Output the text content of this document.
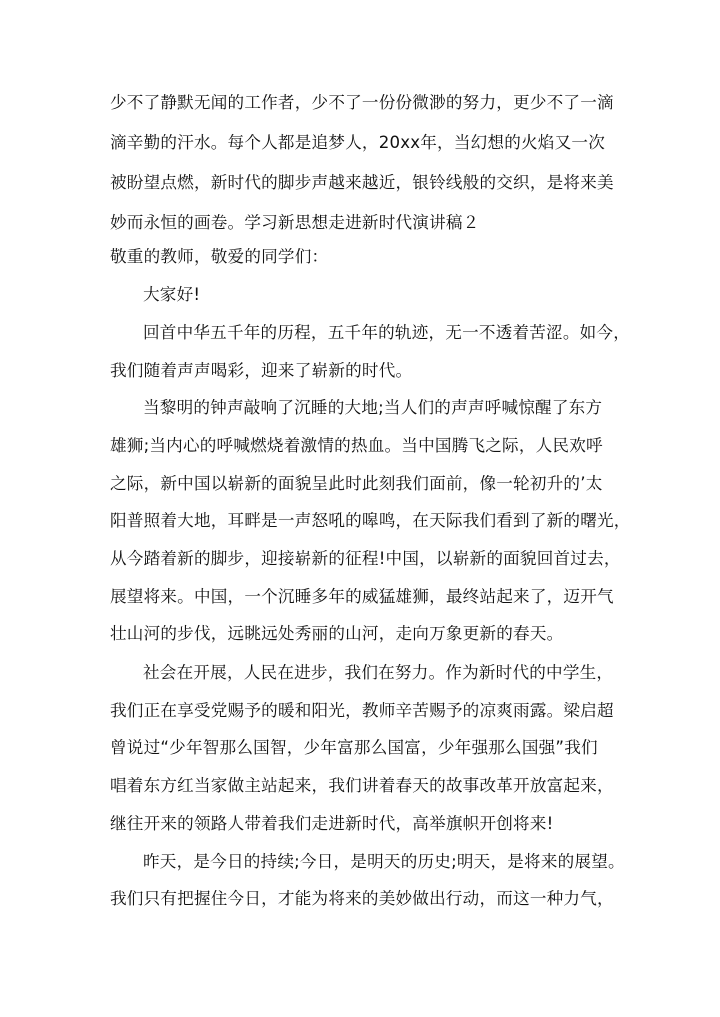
少不了静默无闻的工作者，少不了一份份微渺的努力，更少不了一滴
滴辛勤的汗水。每个人都是追梦人，20xx年，当幻想的火焰又一次
被盼望点燃，新时代的脚步声越来越近，银铃线般的交织，是将来美
妙而永恒的画卷。学习新思想走进新时代演讲稿２
敬重的教师，敬爱的同学们：
大家好!
回首中华五千年的历程，五千年的轨迹，无一不透着苦涩。如今，
我们随着声声喝彩，迎来了崭新的时代。
当黎明的钟声敲响了沉睡的大地;当人们的声声呼喊惊醒了东方
雄狮;当内心的呼喊燃烧着激情的热血。当中国腾飞之际，人民欢呼
之际，新中国以崭新的面貌呈此时此刻我们面前，像一轮初升的’太
阳普照着大地，耳畔是一声怒吼的嗥鸣，在天际我们看到了新的曙光，
从今踏着新的脚步，迎接崭新的征程!中国，以崭新的面貌回首过去，
展望将来。中国，一个沉睡多年的威猛雄狮，最终站起来了，迈开气
壮山河的步伐，远眺远处秀丽的山河，走向万象更新的春天。
社会在开展，人民在进步，我们在努力。作为新时代的中学生，
我们正在享受党赐予的暖和阳光，教师辛苦赐予的凉爽雨露。梁启超
曾说过“少年智那么国智，少年富那么国富，少年强那么国强”我们
唱着东方红当家做主站起来，我们讲着春天的故事改革开放富起来，
继往开来的领路人带着我们走进新时代，高举旗帜开创将来!
昨天，是今日的持续;今日，是明天的历史;明天，是将来的展望。
我们只有把握住今日，才能为将来的美妙做出行动，而这一种力气，
